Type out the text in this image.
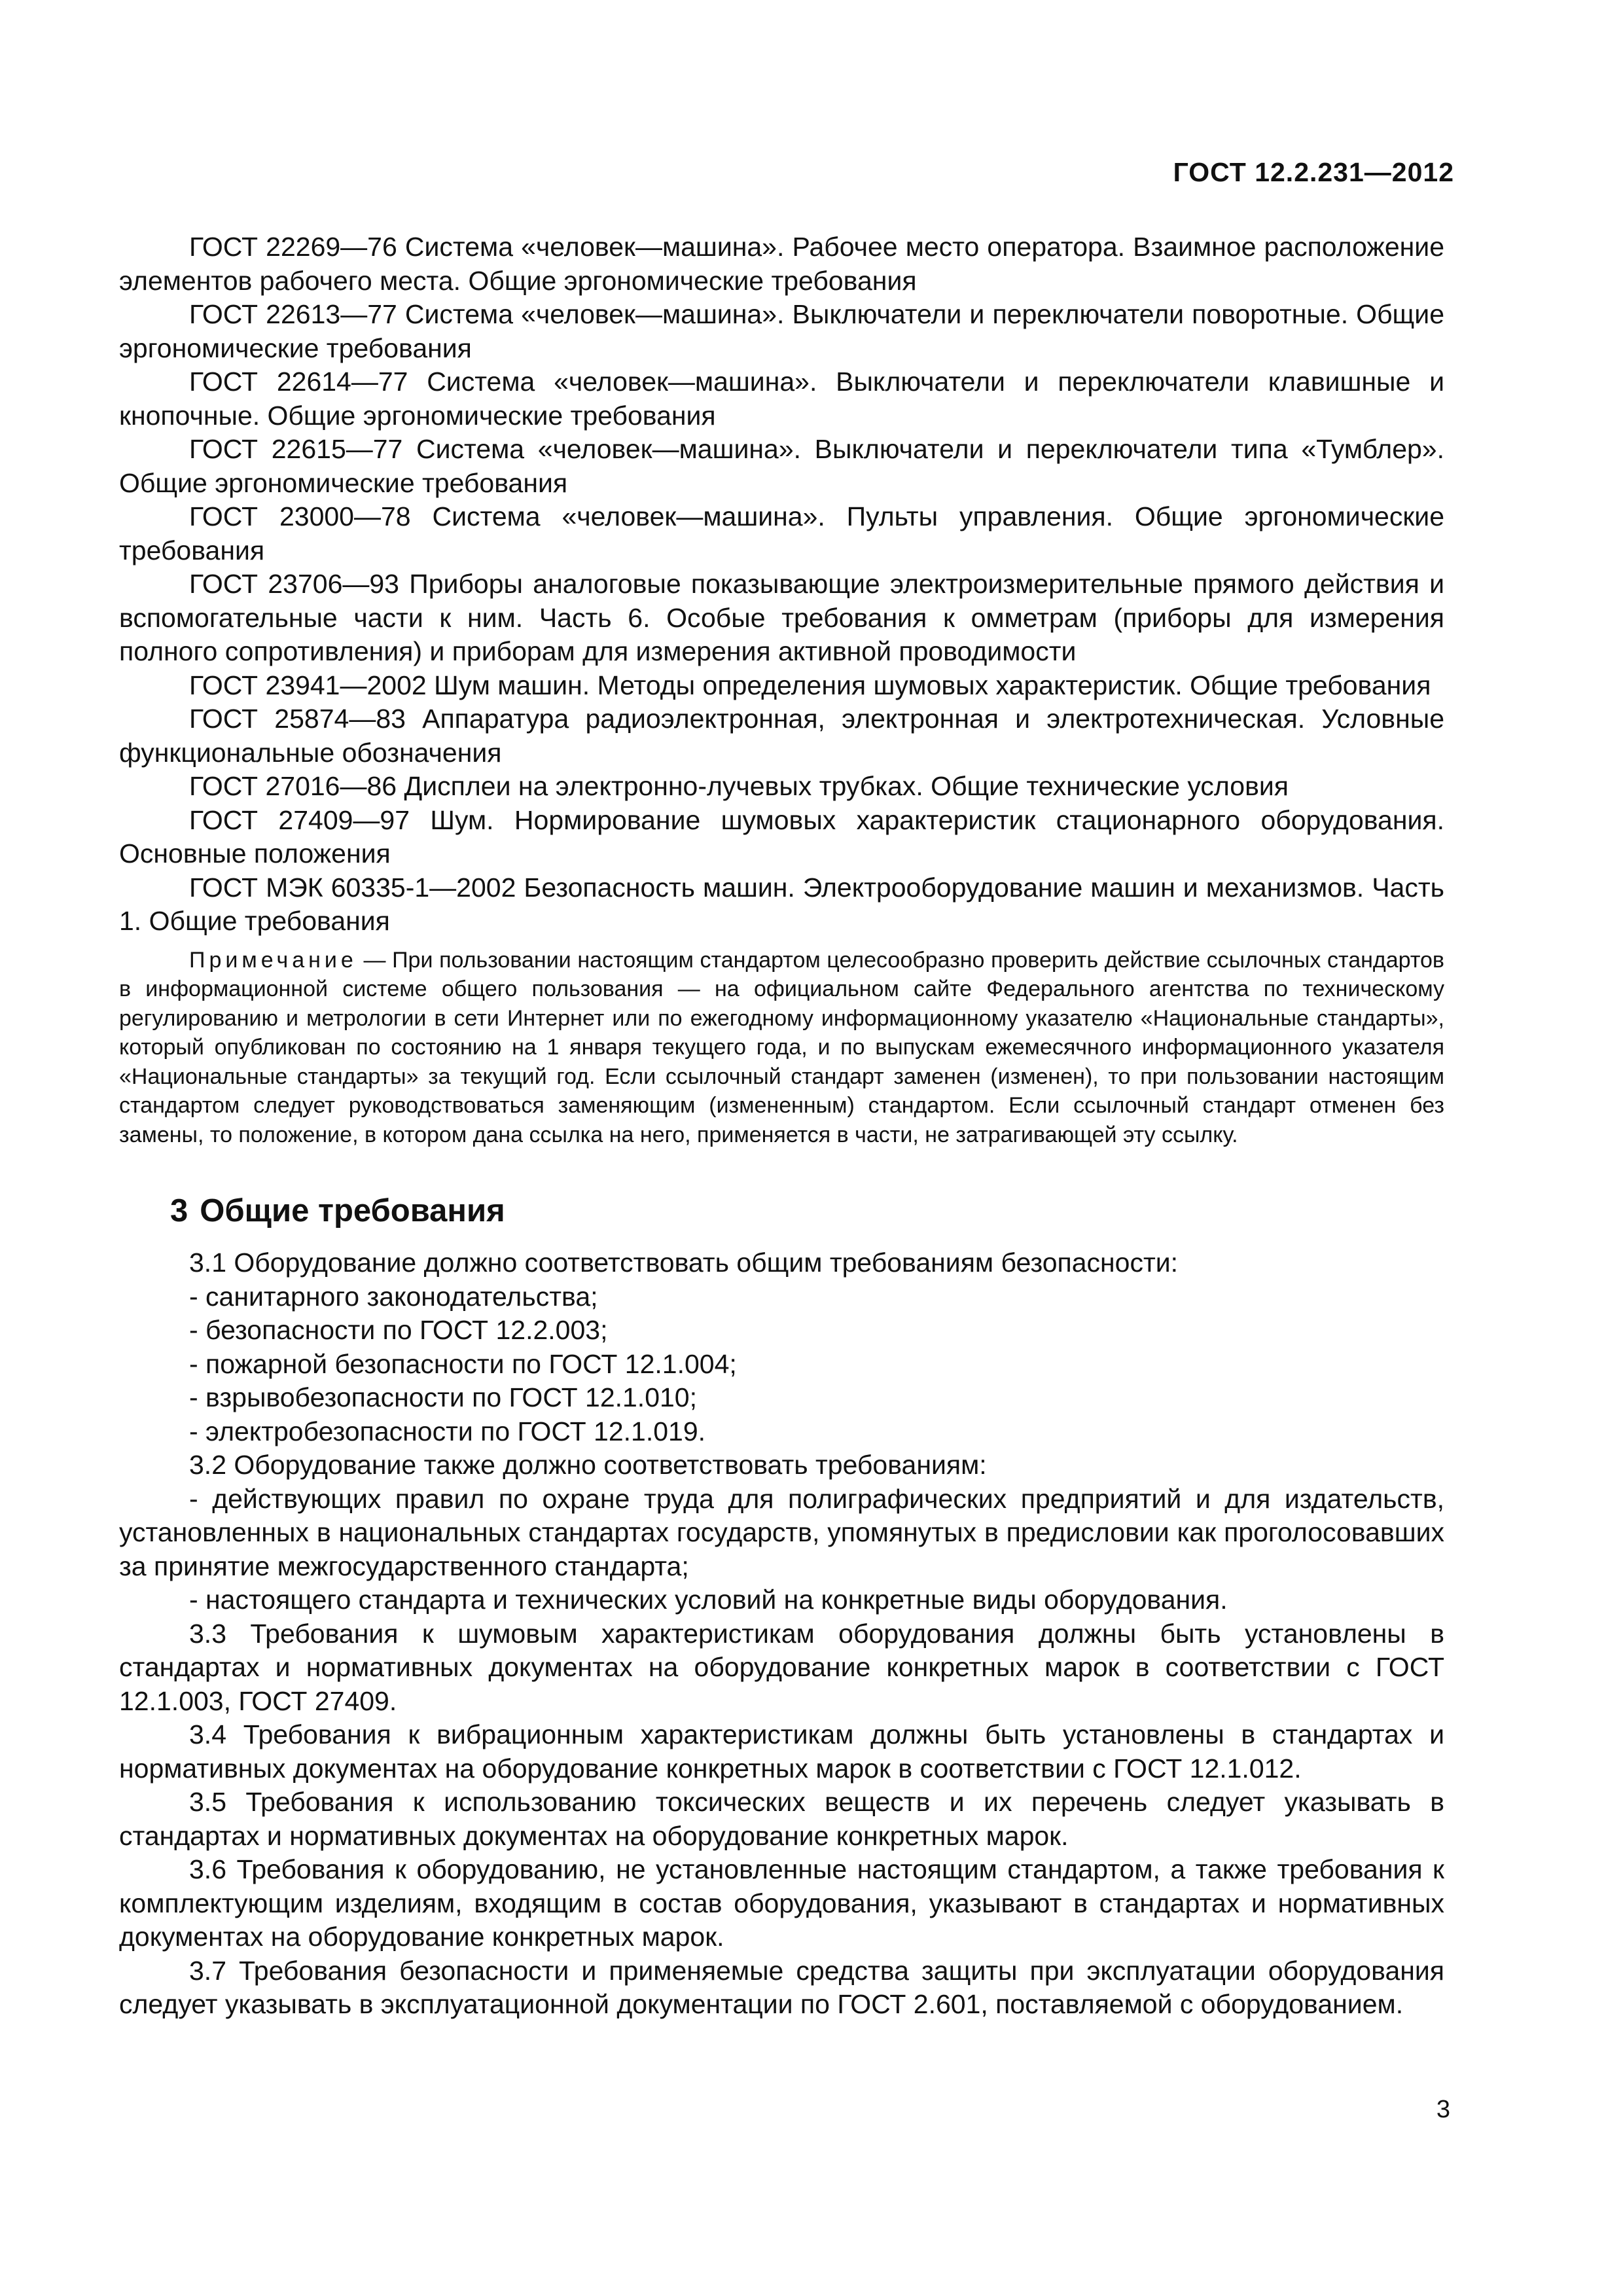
ГОСТ 12.2.231—2012

ГОСТ 22269—76 Система «человек—машина». Рабочее место оператора. Взаимное расположение элементов рабочего места. Общие эргономические требования

ГОСТ 22613—77 Система «человек—машина». Выключатели и переключатели поворотные. Общие эргономические требования

ГОСТ 22614—77 Система «человек—машина». Выключатели и переключатели клавишные и кнопочные. Общие эргономические требования

ГОСТ 22615—77 Система «человек—машина». Выключатели и переключатели типа «Тумблер». Общие эргономические требования

ГОСТ 23000—78 Система «человек—машина». Пульты управления. Общие эргономические требования

ГОСТ 23706—93 Приборы аналоговые показывающие электроизмерительные прямого действия и вспомогательные части к ним. Часть 6. Особые требования к омметрам (приборы для измерения полного сопротивления) и приборам для измерения активной проводимости

ГОСТ 23941—2002 Шум машин. Методы определения шумовых характеристик. Общие требования

ГОСТ 25874—83 Аппаратура радиоэлектронная, электронная и электротехническая. Условные функциональные обозначения

ГОСТ 27016—86 Дисплеи на электронно-лучевых трубках. Общие технические условия

ГОСТ 27409—97 Шум. Нормирование шумовых характеристик стационарного оборудования. Основные положения

ГОСТ МЭК 60335-1—2002 Безопасность машин. Электрооборудование машин и механизмов. Часть 1. Общие требования

Примечание — При пользовании настоящим стандартом целесообразно проверить действие ссылочных стандартов в информационной системе общего пользования — на официальном сайте Федерального агентства по техническому регулированию и метрологии в сети Интернет или по ежегодному информационному указателю «Национальные стандарты», который опубликован по состоянию на 1 января текущего года, и по выпускам ежемесячного информационного указателя «Национальные стандарты» за текущий год. Если ссылочный стандарт заменен (изменен), то при пользовании настоящим стандартом следует руководствоваться заменяющим (измененным) стандартом. Если ссылочный стандарт отменен без замены, то положение, в котором дана ссылка на него, применяется в части, не затрагивающей эту ссылку.

3 Общие требования

3.1 Оборудование должно соответствовать общим требованиям безопасности:

- санитарного законодательства;

- безопасности по ГОСТ 12.2.003;

- пожарной безопасности по ГОСТ 12.1.004;

- взрывобезопасности по ГОСТ 12.1.010;

- электробезопасности по ГОСТ 12.1.019.

3.2 Оборудование также должно соответствовать требованиям:

- действующих правил по охране труда для полиграфических предприятий и для издательств, установленных в национальных стандартах государств, упомянутых в предисловии как проголосовавших за принятие межгосударственного стандарта;

- настоящего стандарта и технических условий на конкретные виды оборудования.

3.3 Требования к шумовым характеристикам оборудования должны быть установлены в стандартах и нормативных документах на оборудование конкретных марок в соответствии с ГОСТ 12.1.003, ГОСТ 27409.

3.4 Требования к вибрационным характеристикам должны быть установлены в стандартах и нормативных документах на оборудование конкретных марок в соответствии с ГОСТ 12.1.012.

3.5 Требования к использованию токсических веществ и их перечень следует указывать в стандартах и нормативных документах на оборудование конкретных марок.

3.6 Требования к оборудованию, не установленные настоящим стандартом, а также требования к комплектующим изделиям, входящим в состав оборудования, указывают в стандартах и нормативных документах на оборудование конкретных марок.

3.7 Требования безопасности и применяемые средства защиты при эксплуатации оборудования следует указывать в эксплуатационной документации по ГОСТ 2.601, поставляемой с оборудованием.

3
